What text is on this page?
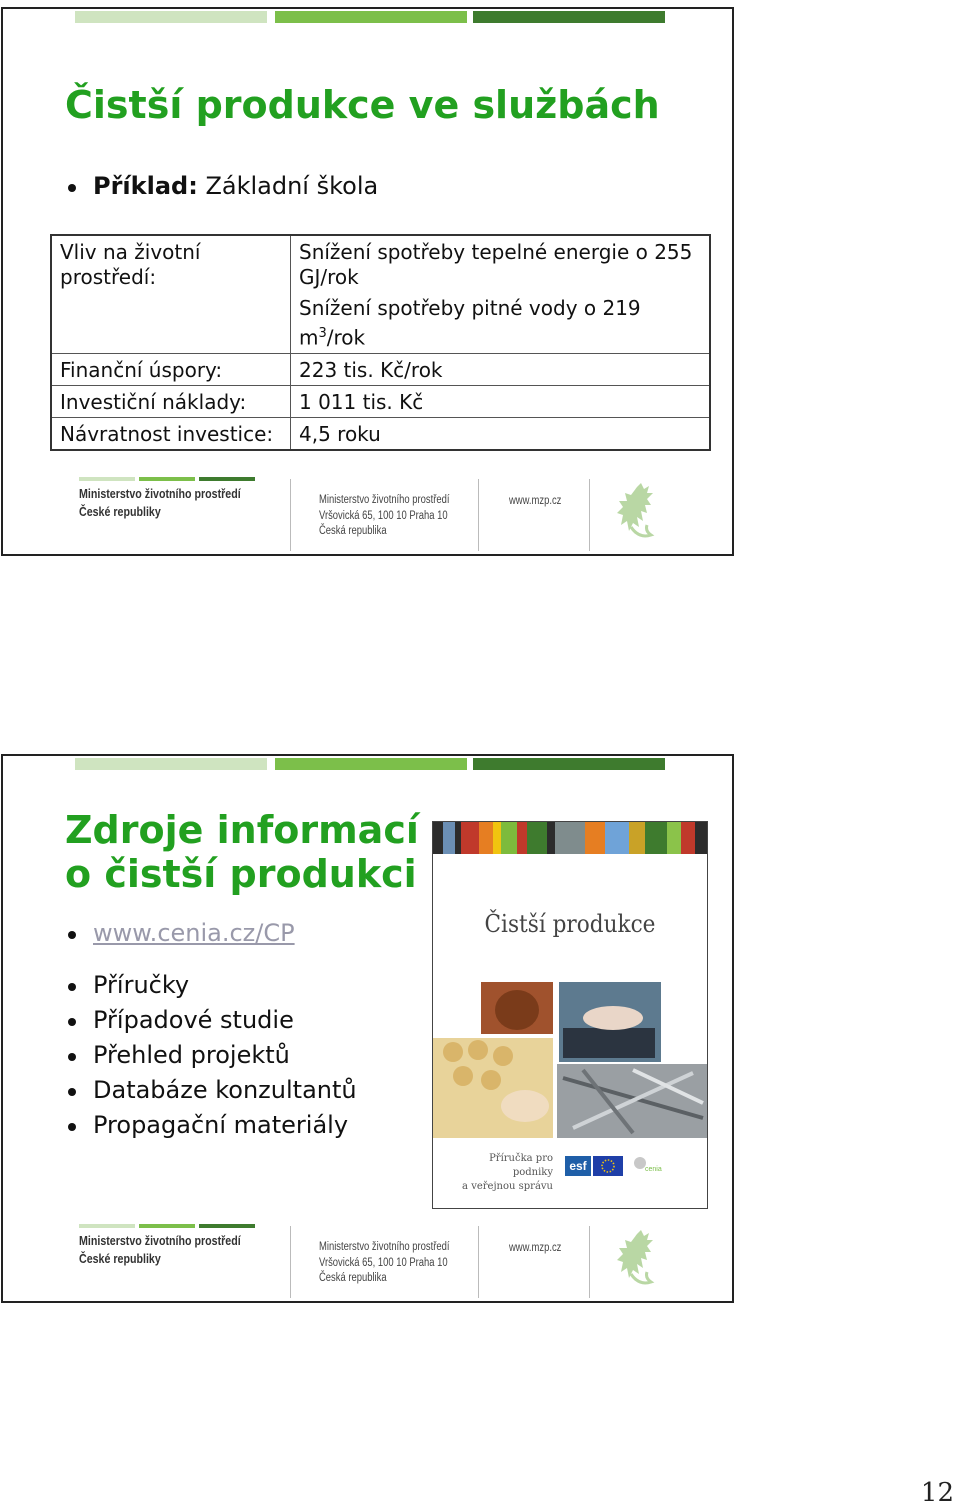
Čistší produkce ve službách
Příklad: Základní škola
Vliv na životní prostředí:	Snížení spotřeby tepelné energie o 255 GJ/rok
	Snížení spotřeby pitné vody o 219 $m^3$/rok
Finanční úspory:	223 tis. Kč/rok
Investiční náklady:	1 011 tis. Kč
Návratnost investice:	4,5 roku
Ministerstvo životního prostředí
České republiky
Ministerstvo životního prostředí
Vršovická 65, 100 10 Praha 10
Česká republika
www.mzp.cz
Zdroje informací
o čistší produkci
www.cenia.cz/CP
Příručky
Případové studie
Přehled projektů
Databáze konzultantů
Propagační materiály
Čistší produkce
Příručka pro podniky
a veřejnou správu
esf	cenia
Ministerstvo životního prostředí
České republiky
Ministerstvo životního prostředí
Vršovická 65, 100 10 Praha 10
Česká republika
www.mzp.cz
12
